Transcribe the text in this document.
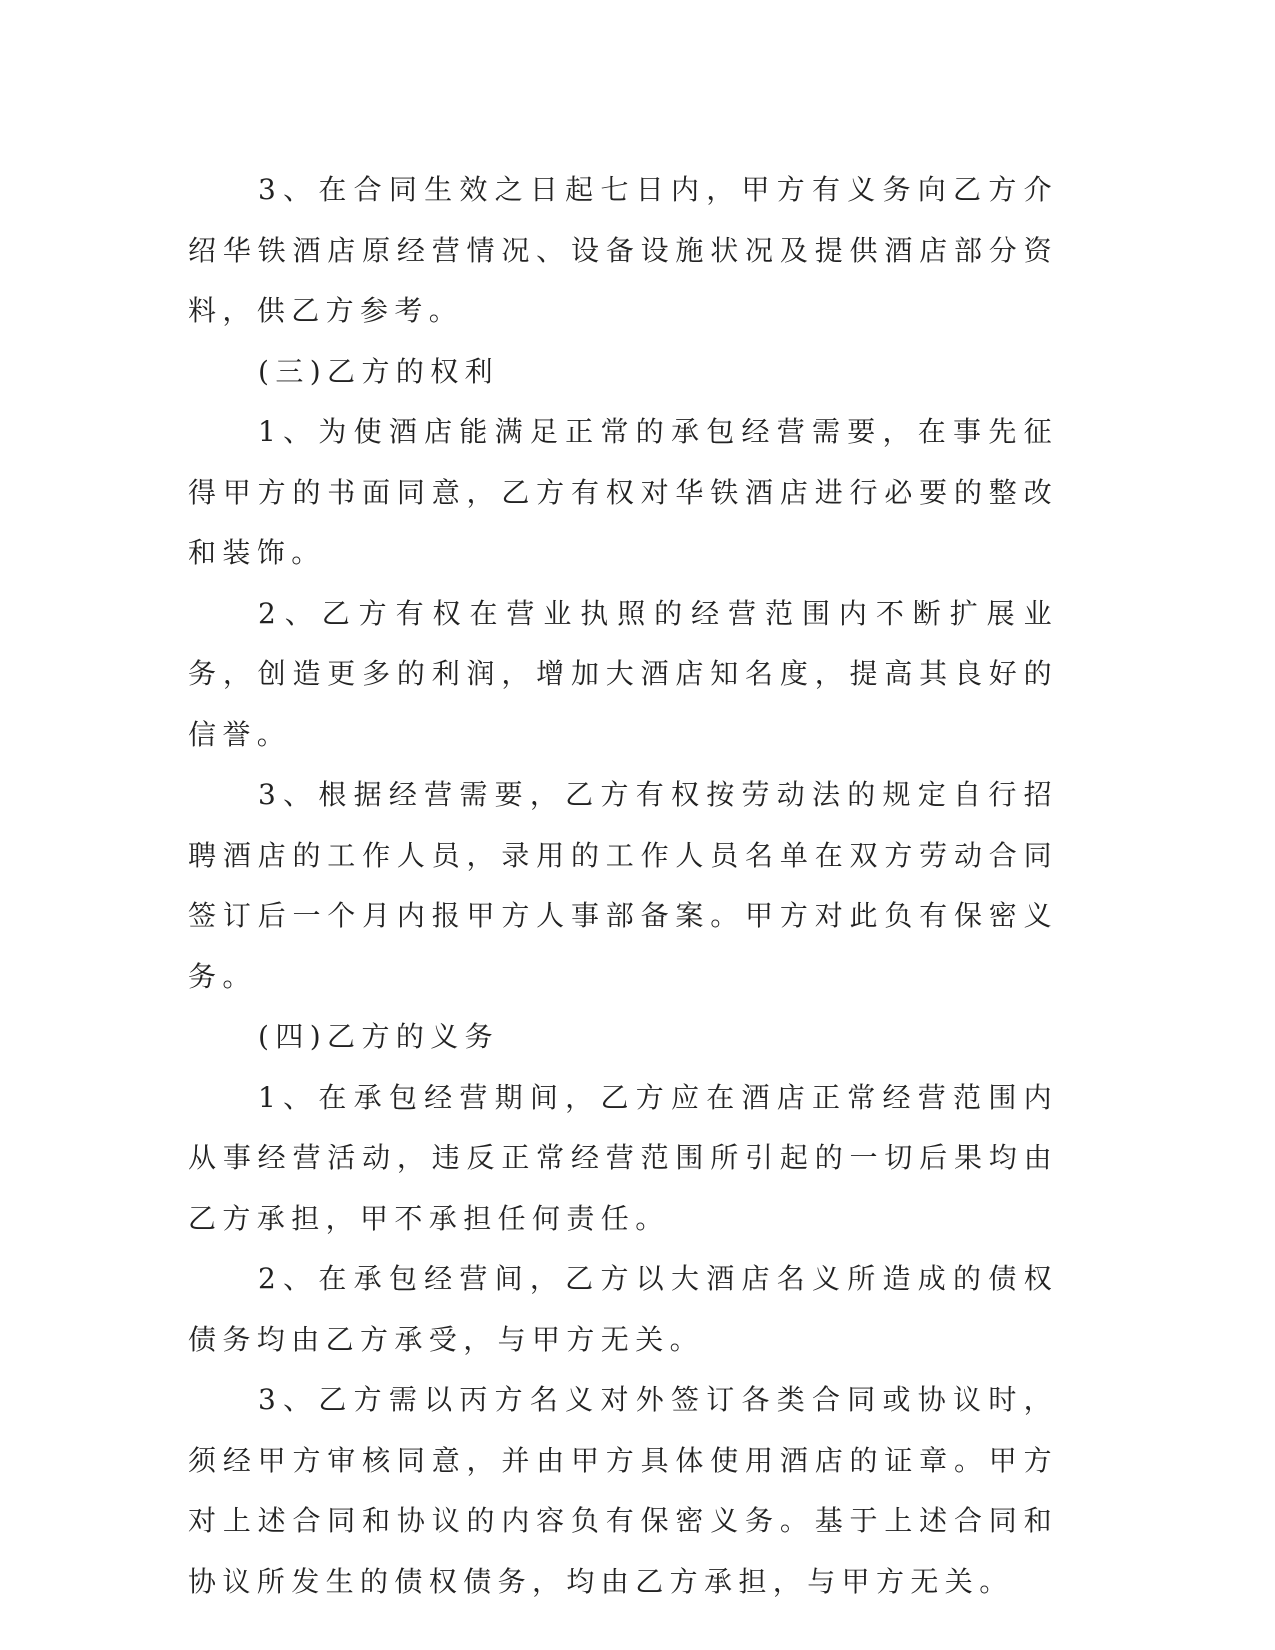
3、在合同生效之日起七日内，甲方有义务向乙方介绍华铁酒店原经营情况、设备设施状况及提供酒店部分资料，供乙方参考。

(三)乙方的权利

1、为使酒店能满足正常的承包经营需要，在事先征得甲方的书面同意，乙方有权对华铁酒店进行必要的整改和装饰。

2、乙方有权在营业执照的经营范围内不断扩展业务，创造更多的利润，增加大酒店知名度，提高其良好的信誉。

3、根据经营需要，乙方有权按劳动法的规定自行招聘酒店的工作人员，录用的工作人员名单在双方劳动合同签订后一个月内报甲方人事部备案。甲方对此负有保密义务。

(四)乙方的义务

1、在承包经营期间，乙方应在酒店正常经营范围内从事经营活动，违反正常经营范围所引起的一切后果均由乙方承担，甲不承担任何责任。

2、在承包经营间，乙方以大酒店名义所造成的债权债务均由乙方承受，与甲方无关。

3、乙方需以丙方名义对外签订各类合同或协议时，须经甲方审核同意，并由甲方具体使用酒店的证章。甲方对上述合同和协议的内容负有保密义务。基于上述合同和协议所发生的债权债务，均由乙方承担，与甲方无关。
